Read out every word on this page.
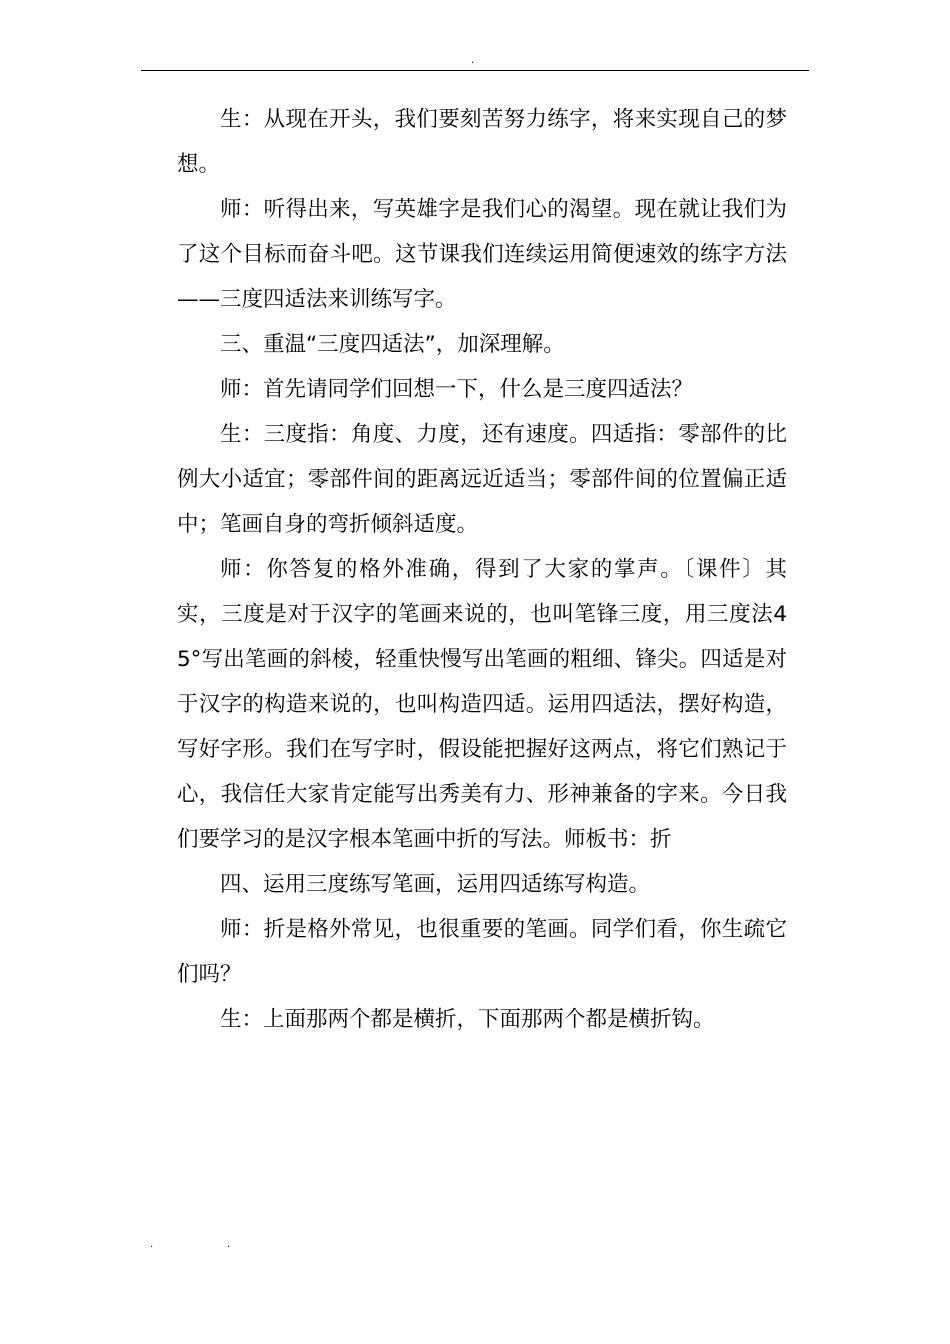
.

生：从现在开头，我们要刻苦努力练字，将来实现自己的梦想。

师：听得出来，写英雄字是我们心的渴望。现在就让我们为了这个目标而奋斗吧。这节课我们连续运用简便速效的练字方法——三度四适法来训练写字。

三、重温“三度四适法”，加深理解。

师：首先请同学们回想一下，什么是三度四适法？

生：三度指：角度、力度，还有速度。四适指：零部件的比例大小适宜；零部件间的距离远近适当；零部件间的位置偏正适中；笔画自身的弯折倾斜适度。

师：你答复的格外准确，得到了大家的掌声。〔课件〕其实，三度是对于汉字的笔画来说的，也叫笔锋三度，用三度法45°写出笔画的斜棱，轻重快慢写出笔画的粗细、锋尖。四适是对于汉字的构造来说的，也叫构造四适。运用四适法，摆好构造，写好字形。我们在写字时，假设能把握好这两点，将它们熟记于心，我信任大家肯定能写出秀美有力、形神兼备的字来。今日我们要学习的是汉字根本笔画中折的写法。师板书：折

四、运用三度练写笔画，运用四适练写构造。

师：折是格外常见，也很重要的笔画。同学们看，你生疏它们吗？

生：上面那两个都是横折，下面那两个都是横折钩。

.	.
